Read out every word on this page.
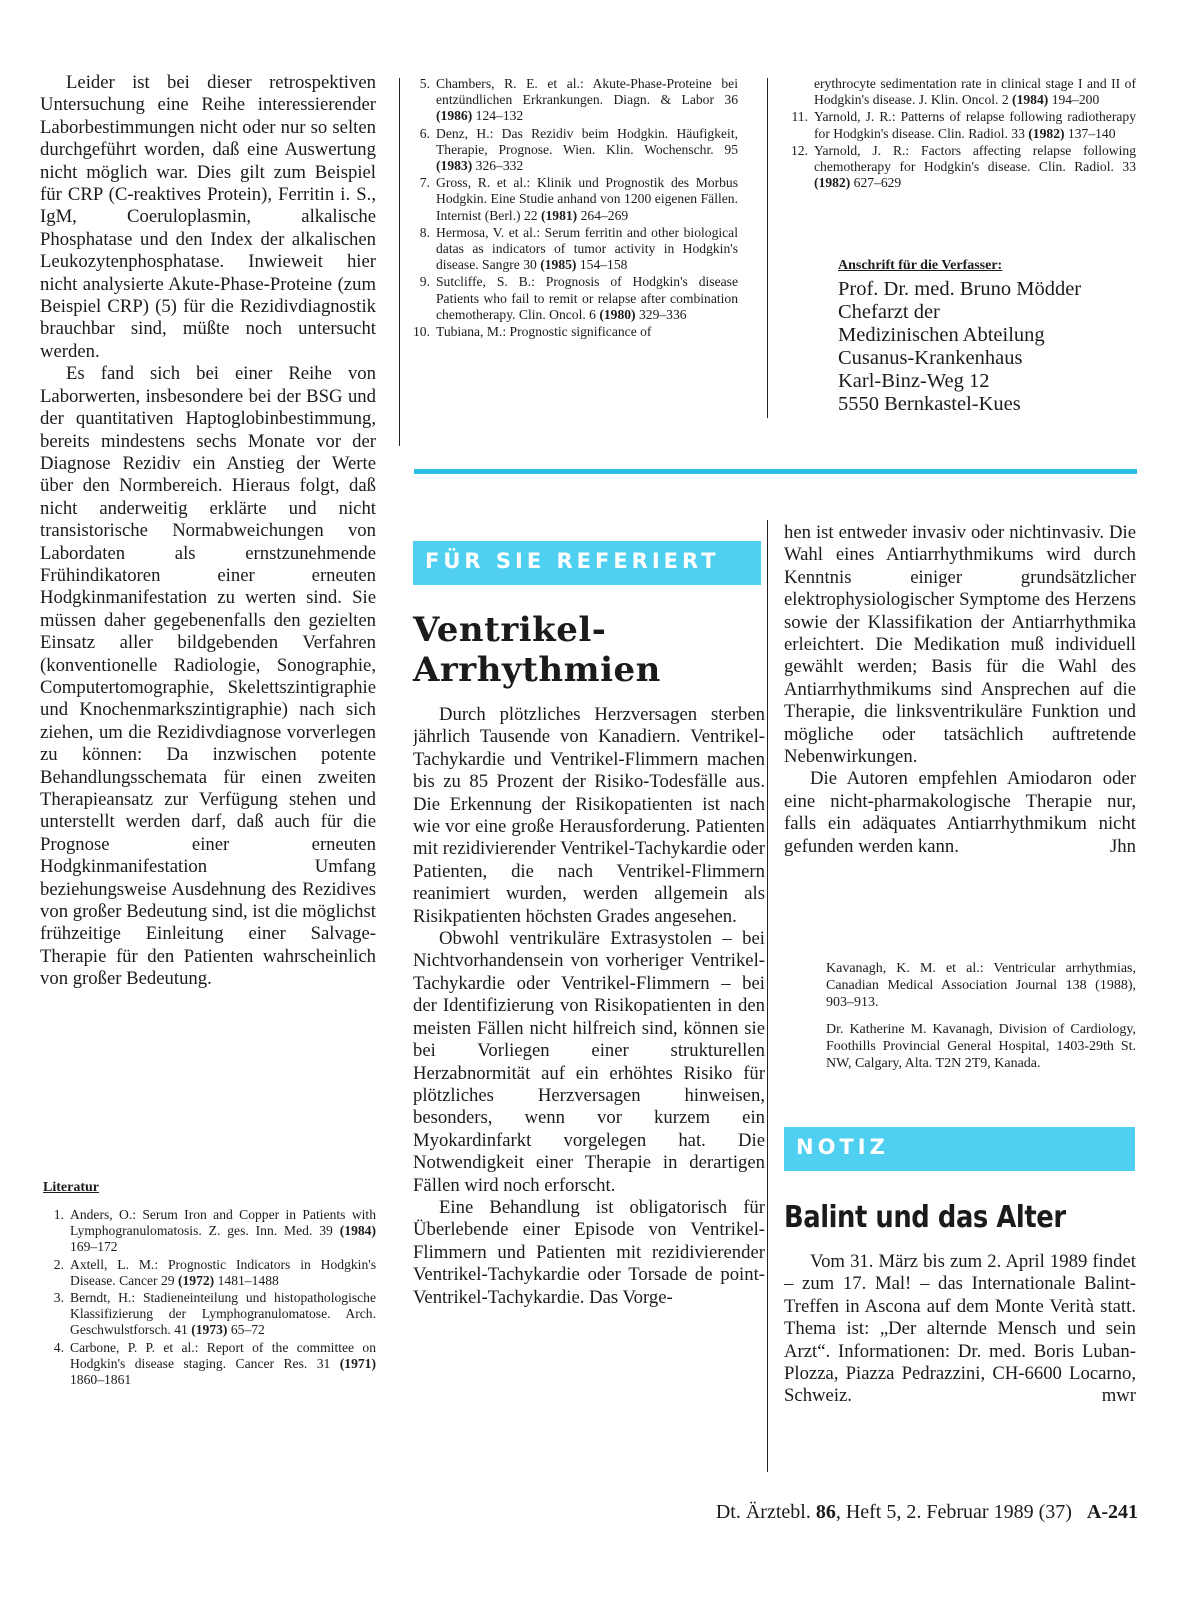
Leider ist bei dieser retrospektiven Untersuchung eine Reihe interessierender Laborbestimmungen nicht oder nur so selten durchgeführt worden, daß eine Auswertung nicht möglich war. Dies gilt zum Beispiel für CRP (C-reaktives Protein), Ferritin i. S., IgM, Coeruloplasmin, alkalische Phosphatase und den Index der alkalischen Leukozytenphosphatase. Inwieweit hier nicht analysierte Akute-Phase-Proteine (zum Beispiel CRP) (5) für die Rezidivdiagnostik brauchbar sind, müßte noch untersucht werden.

Es fand sich bei einer Reihe von Laborwerten, insbesondere bei der BSG und der quantitativen Haptoglobinbestimmung, bereits mindestens sechs Monate vor der Diagnose Rezidiv ein Anstieg der Werte über den Normbereich. Hieraus folgt, daß nicht anderweitig erklärte und nicht transistorische Normabweichungen von Labordaten als ernstzunehmende Frühindikatoren einer erneuten Hodgkinmanifestation zu werten sind. Sie müssen daher gegebenenfalls den gezielten Einsatz aller bildgebenden Verfahren (konventionelle Radiologie, Sonographie, Computertomographie, Skelettszintigraphie und Knochenmarkszintigraphie) nach sich ziehen, um die Rezidivdiagnose vorverlegen zu können: Da inzwischen potente Behandlungsschemata für einen zweiten Therapieansatz zur Verfügung stehen und unterstellt werden darf, daß auch für die Prognose einer erneuten Hodgkinmanifestation Umfang beziehungsweise Ausdehnung des Rezidives von großer Bedeutung sind, ist die möglichst frühzeitige Einleitung einer Salvage-Therapie für den Patienten wahrscheinlich von großer Bedeutung.

Literatur
1. Anders, O.: Serum Iron and Copper in Patients with Lymphogranulomatosis. Z. ges. Inn. Med. 39 (1984) 169–172
2. Axtell, L. M.: Prognostic Indicators in Hodgkin's Disease. Cancer 29 (1972) 1481–1488
3. Berndt, H.: Stadieneinteilung und histopathologische Klassifizierung der Lymphogranulomatose. Arch. Geschwulstforsch. 41 (1973) 65–72
4. Carbone, P. P. et al.: Report of the committee on Hodgkin's disease staging. Cancer Res. 31 (1971) 1860–1861
5. Chambers, R. E. et al.: Akute-Phase-Proteine bei entzündlichen Erkrankungen. Diagn. & Labor 36 (1986) 124–132
6. Denz, H.: Das Rezidiv beim Hodgkin. Häufigkeit, Therapie, Prognose. Wien. Klin. Wochenschr. 95 (1983) 326–332
7. Gross, R. et al.: Klinik und Prognostik des Morbus Hodgkin. Eine Studie anhand von 1200 eigenen Fällen. Internist (Berl.) 22 (1981) 264–269
8. Hermosa, V. et al.: Serum ferritin and other biological datas as indicators of tumor activity in Hodgkin's disease. Sangre 30 (1985) 154–158
9. Sutcliffe, S. B.: Prognosis of Hodgkin's disease Patients who fail to remit or relapse after combination chemotherapy. Clin. Oncol. 6 (1980) 329–336
10. Tubiana, M.: Prognostic significance of
erythrocyte sedimentation rate in clinical stage I and II of Hodgkin's disease. J. Klin. Oncol. 2 (1984) 194–200
11. Yarnold, J. R.: Patterns of relapse following radiotherapy for Hodgkin's disease. Clin. Radiol. 33 (1982) 137–140
12. Yarnold, J. R.: Factors affecting relapse following chemotherapy for Hodgkin's disease. Clin. Radiol. 33 (1982) 627–629
Anschrift für die Verfasser:
Prof. Dr. med. Bruno Mödder
Chefarzt der
Medizinischen Abteilung
Cusanus-Krankenhaus
Karl-Binz-Weg 12
5550 Bernkastel-Kues
FÜR SIE REFERIERT
Ventrikel-
Arrhythmien

Durch plötzliches Herzversagen sterben jährlich Tausende von Kanadiern. Ventrikel-Tachykardie und Ventrikel-Flimmern machen bis zu 85 Prozent der Risiko-Todesfälle aus. Die Erkennung der Risikopatienten ist nach wie vor eine große Herausforderung. Patienten mit rezidivierender Ventrikel-Tachykardie oder Patienten, die nach Ventrikel-Flimmern reanimiert wurden, werden allgemein als Risikpatienten höchsten Grades angesehen.

Obwohl ventrikuläre Extrasystolen – bei Nichtvorhandensein von vorheriger Ventrikel-Tachykardie oder Ventrikel-Flimmern – bei der Identifizierung von Risikopatienten in den meisten Fällen nicht hilfreich sind, können sie bei Vorliegen einer strukturellen Herzabnormität auf ein erhöhtes Risiko für plötzliches Herzversagen hinweisen, besonders, wenn vor kurzem ein Myokardinfarkt vorgelegen hat. Die Notwendigkeit einer Therapie in derartigen Fällen wird noch erforscht.

Eine Behandlung ist obligatorisch für Überlebende einer Episode von Ventrikel-Flimmern und Patienten mit rezidivierender Ventrikel-Tachykardie oder Torsade de point-Ventrikel-Tachykardie. Das Vorge-

hen ist entweder invasiv oder nichtinvasiv. Die Wahl eines Antiarrhythmikums wird durch Kenntnis einiger grundsätzlicher elektrophysiologischer Symptome des Herzens sowie der Klassifikation der Antiarrhythmika erleichtert. Die Medikation muß individuell gewählt werden; Basis für die Wahl des Antiarrhythmikums sind Ansprechen auf die Therapie, die linksventrikuläre Funktion und mögliche oder tatsächlich auftretende Nebenwirkungen.

Die Autoren empfehlen Amiodaron oder eine nicht-pharmakologische Therapie nur, falls ein adäquates Antiarrhythmikum nicht gefunden werden kann.	Jhn

Kavanagh, K. M. et al.: Ventricular arrhythmias, Canadian Medical Association Journal 138 (1988), 903–913.
Dr. Katherine M. Kavanagh, Division of Cardiology, Foothills Provincial General Hospital, 1403-29th St. NW, Calgary, Alta. T2N 2T9, Kanada.
NOTIZ
Balint und das Alter

Vom 31. März bis zum 2. April 1989 findet – zum 17. Mal! – das Internationale Balint-Treffen in Ascona auf dem Monte Verità statt. Thema ist: „Der alternde Mensch und sein Arzt“. Informationen: Dr. med. Boris Luban-Plozza, Piazza Pedrazzini, CH-6600 Locarno, Schweiz.	mwr

Dt. Ärztebl. 86, Heft 5, 2. Februar 1989 (37) A-241
